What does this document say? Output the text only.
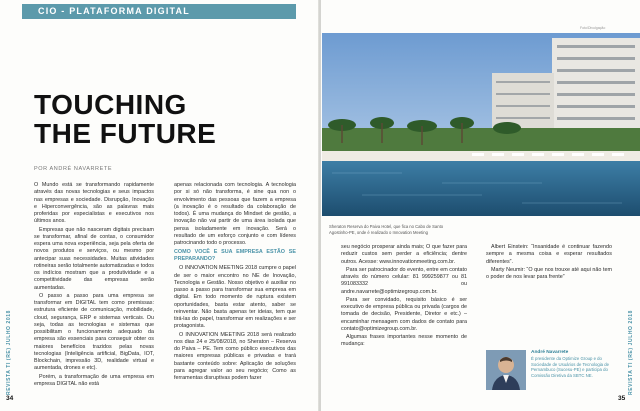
CIO - PLATAFORMA DIGITAL
TOUCHING
THE FUTURE
POR ANDRÉ NAVARRETE

O Mundo está se transformando rapidamente através das novas tecnologias e seus impactos nas empresas e sociedade. Disrupção, Inovação e Hiperconvergência, são as palavras mais proferidas por especialistas e executivos nos últimos anos.

Empresas que não nasceram digitais precisam se transformar, afinal de contas, o consumidor espera uma nova experiência, seja pela oferta de novos produtos e serviços, ou mesmo por antecipar suas necessidades. Muitas atividades rotineiras serão totalmente automatizadas e todos os indícios mostram que a produtividade e a competitividade das empresas serão aumentadas.

O passo a passo para uma empresa se transformar em DIGITAL tem como premissas: estrutura eficiente de comunicação, mobilidade, cloud, segurança, ERP e sistemas verticais. Ou seja, todas as tecnologias e sistemas que possibilitam o funcionamento adequado da empresa são essenciais para conseguir obter os maiores benefícios trazidos pelas novas tecnologias (Inteligência artificial, BigData, IOT, Blockchain, impressão 3D, realidade virtual e aumentada, drones e etc).

Porém, a transformação de uma empresa em empresa DIGITAL não está

apenas relacionada com tecnologia. A tecnologia por si só não transforma, é sine qua non o envolvimento das pessoas que fazem a empresa (a inovação é o resultado da colaboração de todos). É uma mudança do Mindset de gestão, a inovação não vai partir de uma área isolada que pensa isoladamente em inovação. Será o resultado de um esforço conjunto e com líderes patrocinando todo o processo.

COMO VOCÊ E SUA EMPRESA ESTÃO SE PREPARANDO?

O INNOVATION MEETING 2018 cumpre o papel de ser o maior encontro no NE de Inovação, Tecnologia e Gestão. Nosso objetivo é auxiliar no passo a passo para transformar sua empresa em digital. Em todo momento de ruptura existem oportunidades, basta estar atento, saber se reinventar. Não basta apenas ter ideias, tem que tirá-las do papel, transformar em realizações e ser protagonista.

O INNOVATION MEETING 2018 será realizado nos dias 24 e 25/08/2018, no Sheraton – Reserva do Paiva – PE. Tem como público executivos das maiores empresas públicas e privadas e trará bastante conteúdo sobre: Aplicação de soluções para agregar valor ao seu negócio; Como as ferramentas disruptivas podem fazer

REVISTA TI (RE) JULHO 2018
34
Foto/Divulgação
Sheraton Reserva do Paiva Hotel, que fica no Cabo de Santo Agostinho-PE, onde é realizado o Innovation Meeting

seu negócio prosperar ainda mais; O que fazer para reduzir custos sem perder a eficiência; dentre outros. Acesse: www.innovationmeeting.com.br.

Para ser patrocinador do evento, entre em contato através do número celular: 81 999259877 ou 81 991083332 ou andre.navarrete@optimizegroup.com.br.

Para ser convidado, requisito básico é ser executivo de empresa pública ou privada (cargos de tomada de decisão, Presidente, Diretor e etc.) – encaminhar mensagem com dados de contato para contato@optimizegroup.com.br.

Algumas frases importantes nesse momento de mudança:

Albert Einstein: “Insanidade é continuar fazendo sempre a mesma coisa e esperar resultados diferentes”.

Marty Neumir: “O que nos trouxe até aqui não tem o poder de nos levar para frente”

André Navarrete
É presidente da Optimize Group e do Sociedade de Usuários de Tecnologia de Pernambuco (Sucesu-PE) e participa do Comissão Diretiva da SBTC NE.	REVISTA TI (RE) JULHO 2018
35
